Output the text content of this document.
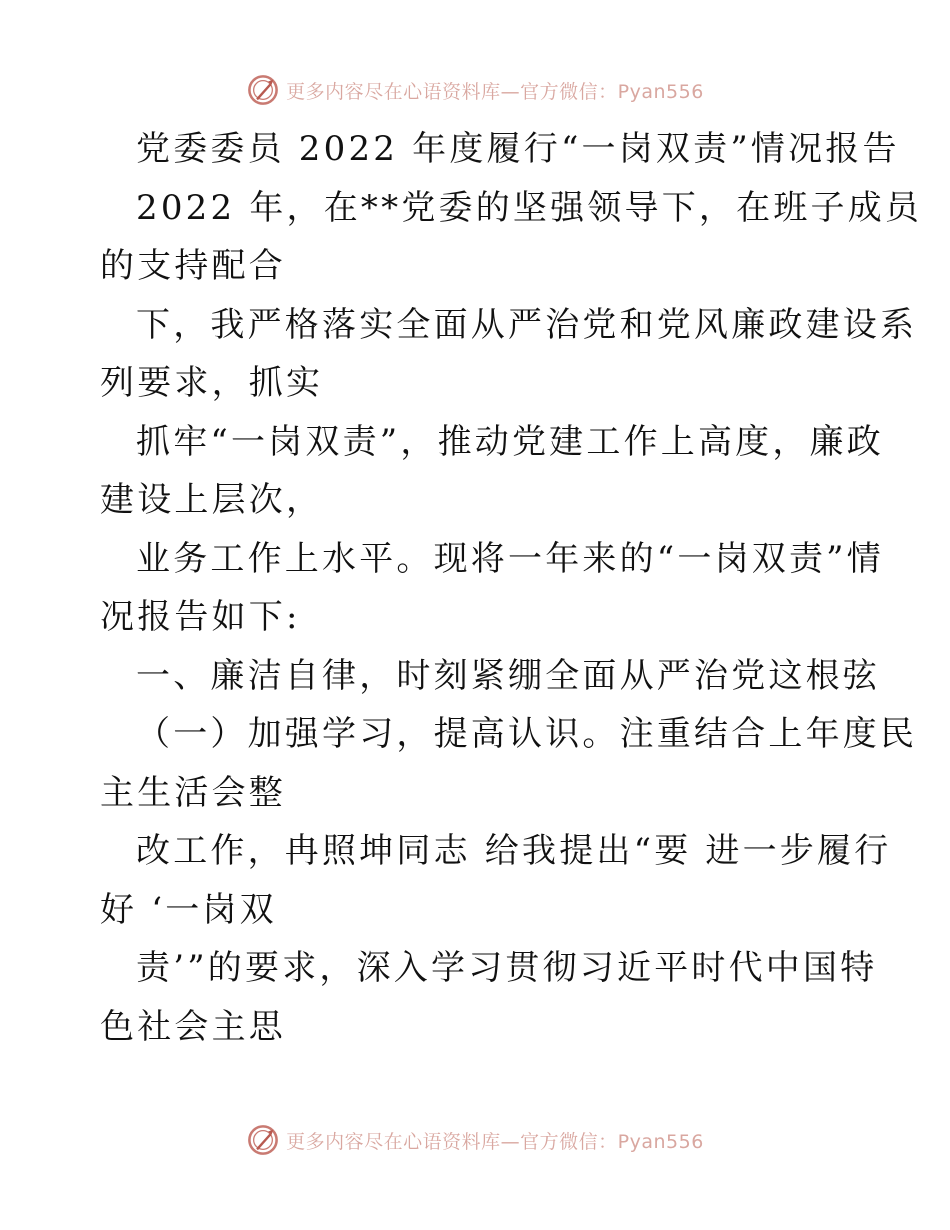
更多内容尽在心语资料库—官方微信：Pyan556
党委委员 2022 年度履行“一岗双责”情况报告
2022 年，在**党委的坚强领导下，在班子成员
的支持配合
下，我严格落实全面从严治党和党风廉政建设系
列要求，抓实
抓牢“一岗双责”，推动党建工作上高度，廉政
建设上层次，
业务工作上水平。现将一年来的“一岗双责”情
况报告如下:
一、廉洁自律，时刻紧绷全面从严治党这根弦
（一）加强学习，提高认识。注重结合上年度民
主生活会整
改工作，冉照坤同志 给我提出“要 进一步履行
好 ‘一岗双
责’”的要求，深入学习贯彻习近平时代中国特
色社会主思
更多内容尽在心语资料库—官方微信：Pyan556
